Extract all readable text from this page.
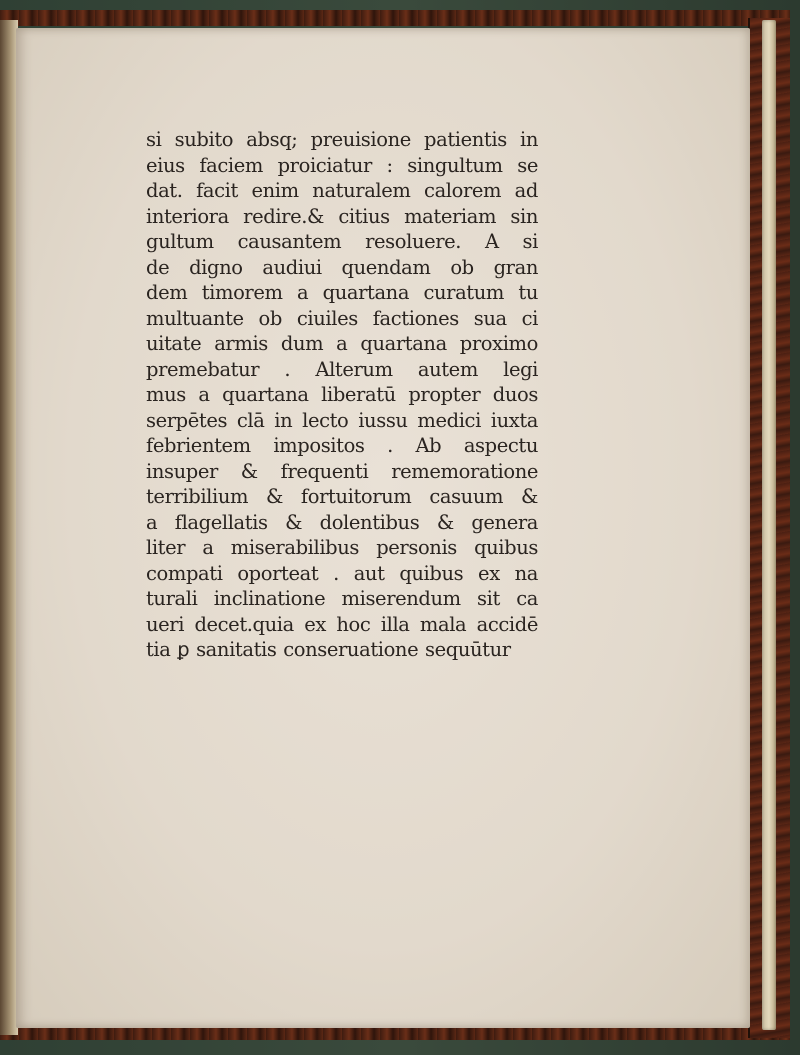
si subito absq; preuisione patientis in
eius faciem proiciatur : singultum se
dat. facit enim naturalem calorem ad
interiora redire.& citius materiam sin
gultum causantem resoluere. A si
de digno audiui quendam ob gran
dem timorem a quartana curatum tu
multuante ob ciuiles factiones sua ci
uitate armis dum a quartana proximo
premebatur . Alterum autem legi
mus a quartana liberatū propter duos
serpētes clā in lecto iussu medici iuxta
febrientem impositos . Ab aspectu
insuper & frequenti rememoratione
terribilium & fortuitorum casuum &
a flagellatis & dolentibus & genera
liter a miserabilibus personis quibus
compati oporteat . aut quibus ex na
turali inclinatione miserendum sit ca
ueri decet.quia ex hoc illa mala accidē
tia ꝑ sanitatis conseruatione sequūtur
